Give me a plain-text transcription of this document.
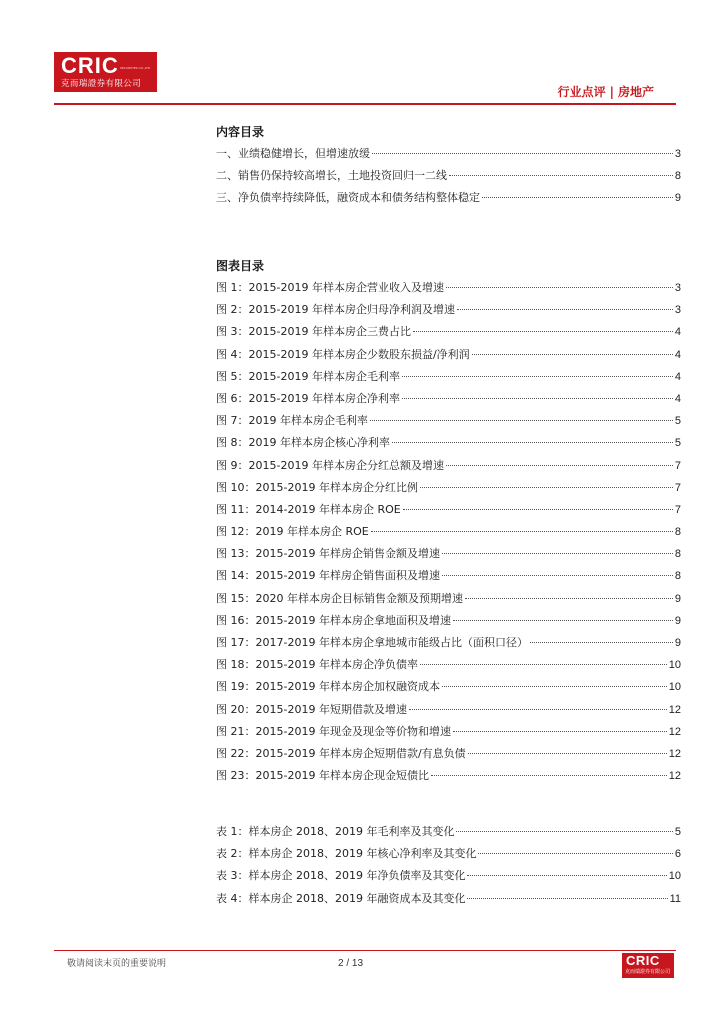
CRIC SECURITIES CO.,LTD
克而瑞證券有限公司
行业点评 | 房地产
内容目录
一、业绩稳健增长，但增速放缓	3
二、销售仍保持较高增长，土地投资回归一二线	8
三、净负债率持续降低，融资成本和债务结构整体稳定	9
图表目录
图 1：2015-2019 年样本房企营业收入及增速	3
图 2：2015-2019 年样本房企归母净利润及增速	3
图 3：2015-2019 年样本房企三费占比	4
图 4：2015-2019 年样本房企少数股东损益/净利润	4
图 5：2015-2019 年样本房企毛利率	4
图 6：2015-2019 年样本房企净利率	4
图 7：2019 年样本房企毛利率	5
图 8：2019 年样本房企核心净利率	5
图 9：2015-2019 年样本房企分红总额及增速	7
图 10：2015-2019 年样本房企分红比例	7
图 11：2014-2019 年样本房企 ROE	7
图 12：2019 年样本房企 ROE	8
图 13：2015-2019 年样房企销售金额及增速	8
图 14：2015-2019 年样房企销售面积及增速	8
图 15：2020 年样本房企目标销售金额及预期增速	9
图 16：2015-2019 年样本房企拿地面积及增速	9
图 17：2017-2019 年样本房企拿地城市能级占比（面积口径）	9
图 18：2015-2019 年样本房企净负债率	10
图 19：2015-2019 年样本房企加权融资成本	10
图 20：2015-2019 年短期借款及增速	12
图 21：2015-2019 年现金及现金等价物和增速	12
图 22：2015-2019 年样本房企短期借款/有息负债	12
图 23：2015-2019 年样本房企现金短债比	12
表 1：样本房企 2018、2019 年毛利率及其变化	5
表 2：样本房企 2018、2019 年核心净利率及其变化	6
表 3：样本房企 2018、2019 年净负债率及其变化	10
表 4：样本房企 2018、2019 年融资成本及其变化	11
敬请阅读末页的重要说明	2 / 13	CRIC
克而瑞證券有限公司
